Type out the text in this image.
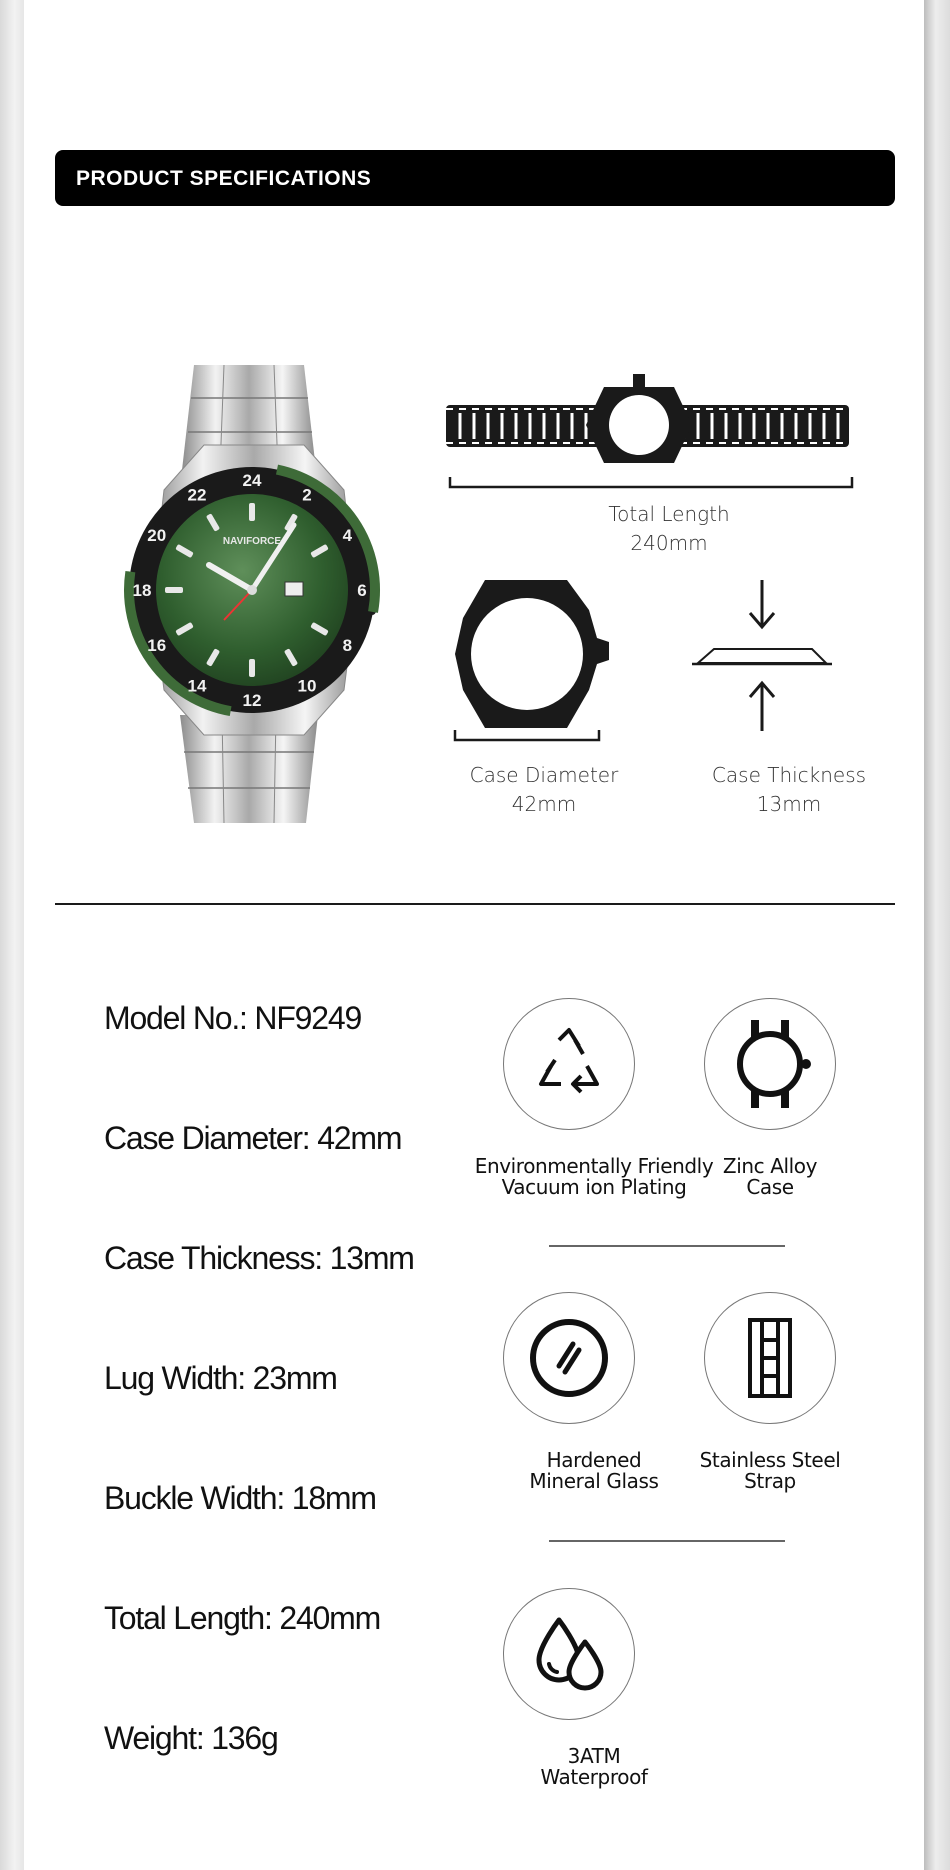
PRODUCT SPECIFICATIONS
24
2
4
6
8
10
12
14
16
18
20
22
NAVIFORCE
Total Length
240mm
Case Diameter
42mm
Case Thickness
13mm
Model No.: NF9249
Case Diameter: 42mm
Case Thickness: 13mm
Lug Width: 23mm
Buckle Width: 18mm
Total Length: 240mm
Weight: 136g
Environmentally Friendly
Vacuum ion Plating
Zinc Alloy
Case
Hardened
Mineral Glass
Stainless Steel
Strap
3ATM
Waterproof
